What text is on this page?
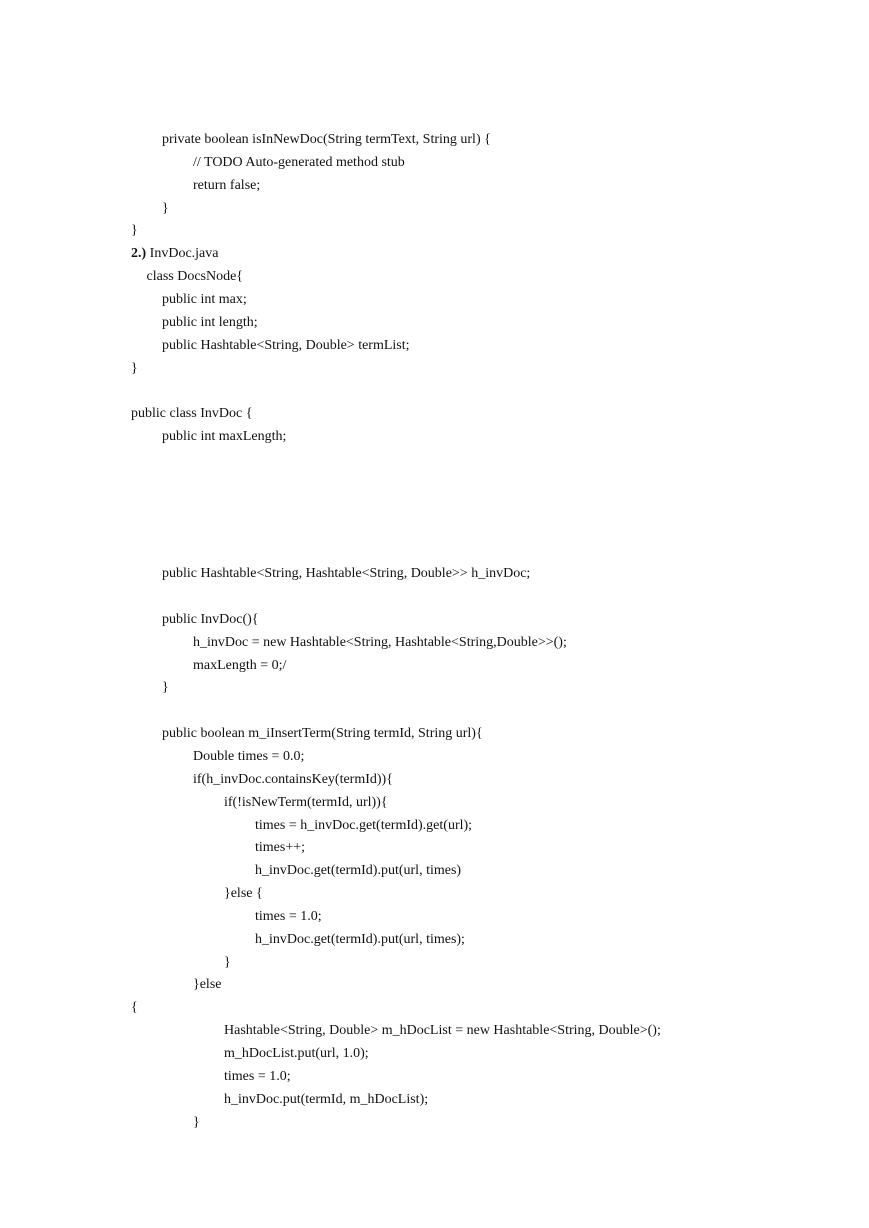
private boolean isInNewDoc(String termText, String url) {
// TODO Auto-generated method stub
return false;
}
}
2.) InvDoc.java
class DocsNode{
public int max;
public int length;
public Hashtable<String, Double> termList;
}
public class InvDoc {
public int maxLength;
public Hashtable<String, Hashtable<String, Double>> h_invDoc;
public InvDoc(){
h_invDoc = new Hashtable<String, Hashtable<String,Double>>();
maxLength = 0;/
}
public boolean m_iInsertTerm(String termId, String url){
Double times = 0.0;
if(h_invDoc.containsKey(termId)){
if(!isNewTerm(termId, url)){
times = h_invDoc.get(termId).get(url);
times++;
h_invDoc.get(termId).put(url, times)
}else {
times = 1.0;
h_invDoc.get(termId).put(url, times);
}
}else
{
Hashtable<String, Double> m_hDocList = new Hashtable<String, Double>();
m_hDocList.put(url, 1.0);
times = 1.0;
h_invDoc.put(termId, m_hDocList);
}
